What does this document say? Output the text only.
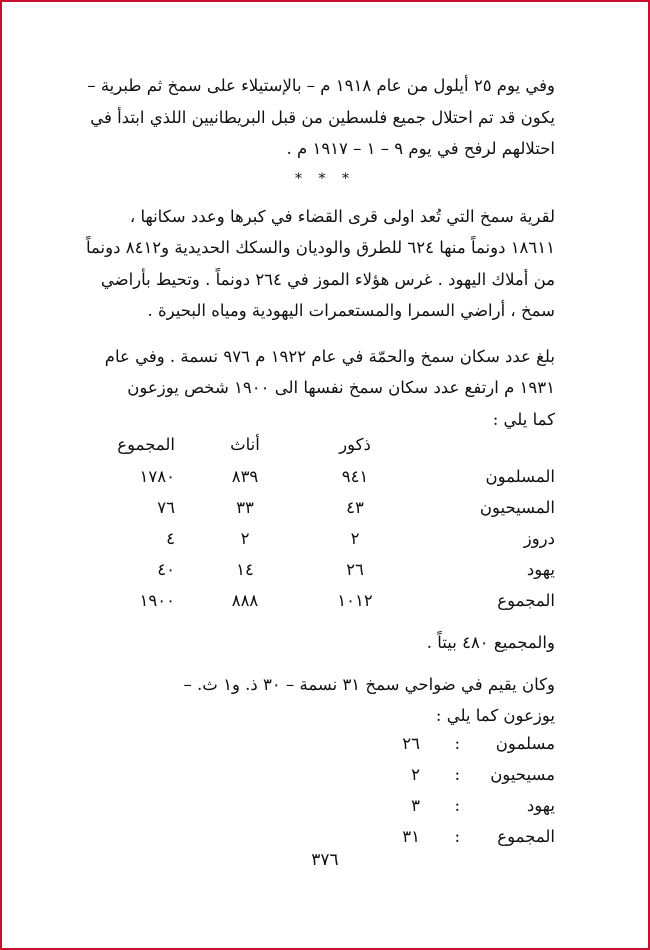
وفي يوم ٢٥ أيلول من عام ١٩١٨ م – بالإستيلاء على سمخ ثم طبرية –
يكون قد تم احتلال جميع فلسطين من قبل البريطانيين اللذي ابتدأ في
احتلالهم لرفح في يوم ٩ – ١ – ١٩١٧ م .
* * *
لقرية سمخ التي تُعد اولى قرى القضاء في كبرها وعدد سكانها ،
١٨٦١١ دونماً منها ٦٢٤ للطرق والوديان والسكك الحديدية و٨٤١٢ دونماً
من أملاك اليهود . غرس هؤلاء الموز في ٢٦٤ دونماً . وتحيط بأراضي
سمخ ، أراضي السمرا والمستعمرات اليهودية ومياه البحيرة .
بلغ عدد سكان سمخ والحمّة في عام ١٩٢٢ م ٩٧٦ نسمة . وفي عام
١٩٣١ م ارتفع عدد سكان سمخ نفسها الى ١٩٠٠ شخص يوزعون
كما يلي :
ذكور
أناث
المجموع
المسلمون
٩٤١
٨٣٩
١٧٨٠
المسيحيون
٤٣
٣٣
٧٦
دروز
٢
٢
٤
يهود
٢٦
١٤
٤٠
المجموع
١٠١٢
٨٨٨
١٩٠٠
والمجميع ٤٨٠ بيتاً .
وكان يقيم في ضواحي سمخ ٣١ نسمة – ٣٠ ذ. و١ ث. –
يوزعون كما يلي :
مسلمون
:
٢٦
مسيحيون
:
٢
يهود
:
٣
المجموع
:
٣١
٣٧٦
